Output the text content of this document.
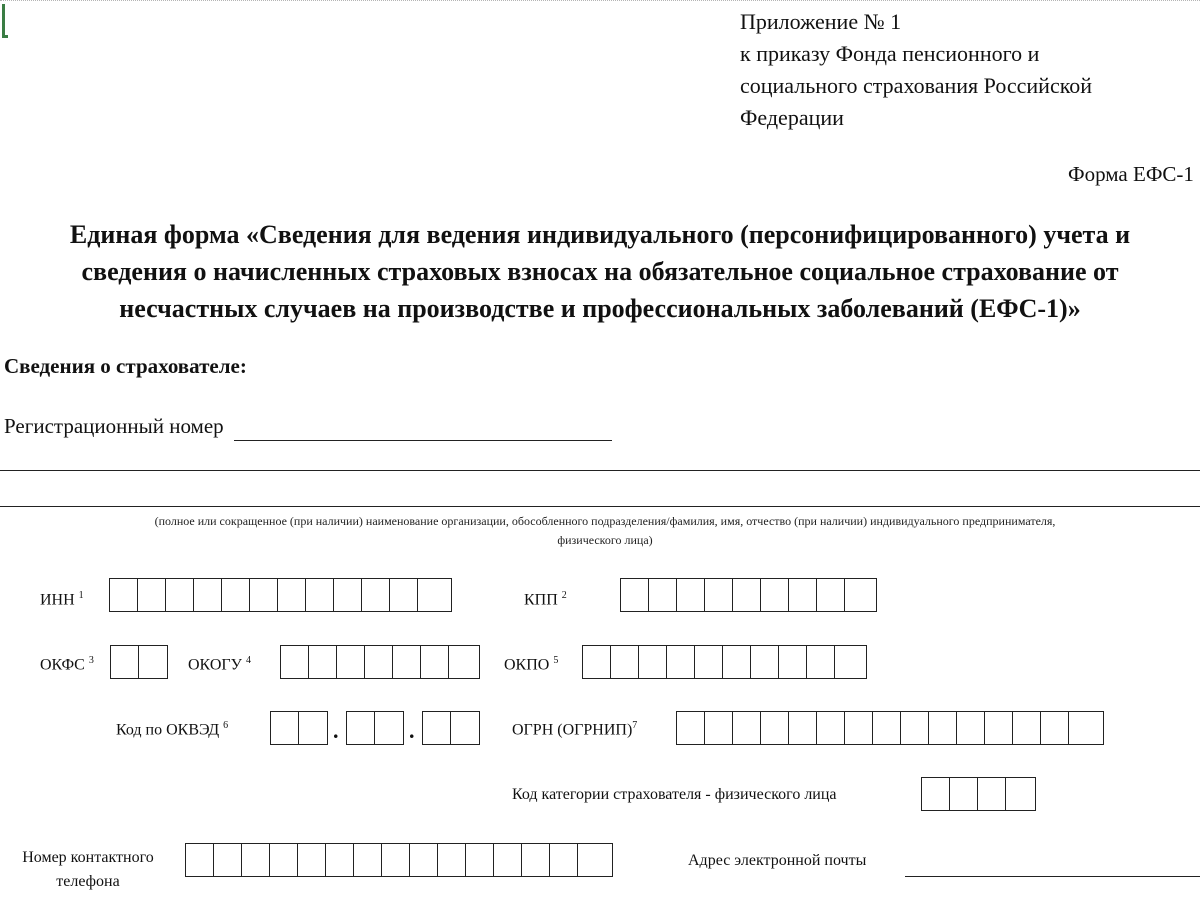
Приложение № 1
к приказу Фонда пенсионного и
социального страхования Российской
Федерации
Форма ЕФС-1
Единая форма «Сведения для ведения индивидуального (персонифицированного) учета и
сведения о начисленных страховых взносах на обязательное социальное страхование от
несчастных случаев на производстве и профессиональных заболеваний (ЕФС-1)»
Сведения о страхователе:
Регистрационный номер
(полное или сокращенное (при наличии) наименование организации, обособленного подразделения/фамилия, имя, отчество (при наличии) индивидуального предпринимателя,
физического лица)
ИНН $^1$	КПП $^2$
ОКФС $^3$	ОКОГУ $^4$	ОКПО $^5$
Код по ОКВЭД $^6$	.	.	ОГРН (ОГРНИП)$^7$
Код категории страхователя - физического лица
Номер контактного
телефона
Адрес электронной почты
